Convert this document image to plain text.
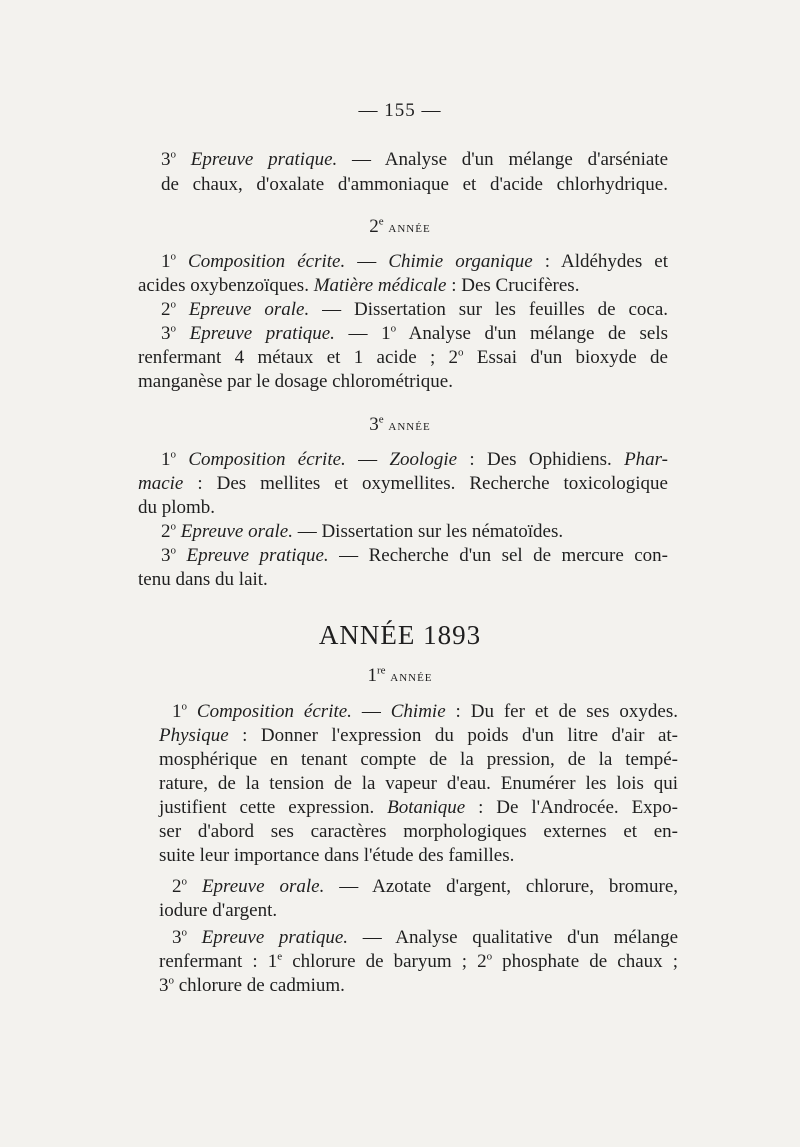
— 155 —
3$^o$ Epreuve pratique. — Analyse d'un mélange d'arséniate
de chaux, d'oxalate d'ammoniaque et d'acide chlorhydrique.
2e année
1$^o$ Composition écrite. — Chimie organique : Aldéhydes et
acides oxybenzoïques. Matière médicale : Des Crucifères.
2$^o$ Epreuve orale. — Dissertation sur les feuilles de coca.
3$^o$ Epreuve pratique. — 1$^o$ Analyse d'un mélange de sels
renfermant 4 métaux et 1 acide ; 2$^o$ Essai d'un bioxyde de
manganèse par le dosage chlorométrique.
3e année
1$^o$ Composition écrite. — Zoologie : Des Ophidiens. Phar-
macie : Des mellites et oxymellites. Recherche toxicologique
du plomb.
2$^o$ Epreuve orale. — Dissertation sur les nématoïdes.
3$^o$ Epreuve pratique. — Recherche d'un sel de mercure con-
tenu dans du lait.
ANNÉE 1893
1re année
1$^o$ Composition écrite. — Chimie : Du fer et de ses oxydes.
Physique : Donner l'expression du poids d'un litre d'air at-
mosphérique en tenant compte de la pression, de la tempé-
rature, de la tension de la vapeur d'eau. Enumérer les lois qui
justifient cette expression. Botanique : De l'Androcée. Expo-
ser d'abord ses caractères morphologiques externes et en-
suite leur importance dans l'étude des familles.
2$^o$ Epreuve orale. — Azotate d'argent, chlorure, bromure,
iodure d'argent.
3$^o$ Epreuve pratique. — Analyse qualitative d'un mélange
renfermant : 1e chlorure de baryum ; 2$^o$ phosphate de chaux ;
3$^o$ chlorure de cadmium.
